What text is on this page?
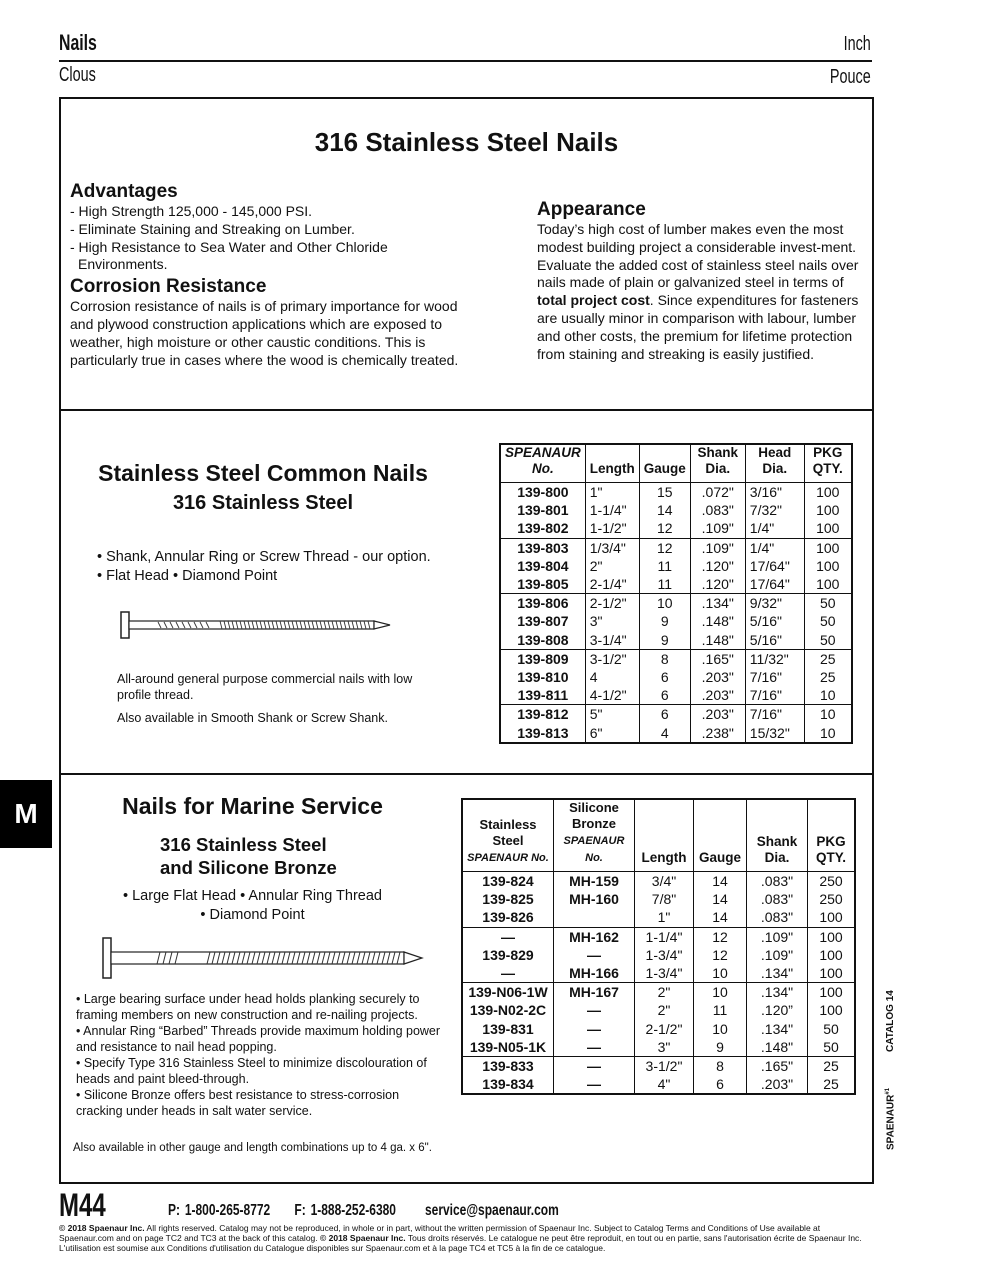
Nails	Inch
Clous	Pouce
316 Stainless Steel Nails
Advantages
- High Strength 125,000 - 145,000 PSI.
- Eliminate Staining and Streaking on Lumber.
- High Resistance to Sea Water and Other Chloride
Environments.
Corrosion Resistance
Corrosion resistance of nails is of primary importance for wood and plywood construction applications which are exposed to weather, high moisture or other caustic conditions. This is particularly true in cases where the wood is chemically treated.
Appearance
Today’s high cost of lumber makes even the most modest building project a considerable invest-ment. Evaluate the added cost of stainless steel nails over nails made of plain or galvanized steel in terms of total project cost. Since expenditures for fasteners are usually minor in comparison with labour, lumber and other costs, the premium for lifetime protection from staining and streaking is easily justified.
Stainless Steel Common Nails
316 Stainless Steel
• Shank, Annular Ring or Screw Thread - our option.
• Flat Head • Diamond Point
All-around general purpose commercial nails with low profile thread.
Also available in Smooth Shank or Screw Shank.
SPEANAUR
No.	Length	Gauge	Shank
Dia.	Head
Dia.	PKG
QTY.
139-800	1"	15	.072"	3/16"	100
139-801	1-1/4"	14	.083"	7/32"	100
139-802	1-1/2"	12	.109"	1/4"	100
139-803	1/3/4"	12	.109"	1/4"	100
139-804	2"	11	.120"	17/64"	100
139-805	2-1/4"	11	.120"	17/64"	100
139-806	2-1/2"	10	.134"	9/32"	50
139-807	3"	9	.148"	5/16"	50
139-808	3-1/4"	9	.148"	5/16"	50
139-809	3-1/2"	8	.165"	11/32"	25
139-810	4	6	.203"	7/16"	25
139-811	4-1/2"	6	.203"	7/16"	10
139-812	5"	6	.203"	7/16"	10
139-813	6"	4	.238"	15/32"	10
Nails for Marine Service
316 Stainless Steel
and Silicone Bronze
• Large Flat Head • Annular Ring Thread
• Diamond Point
• Large bearing surface under head holds planking securely to framing members on new construction and re-nailing projects.
• Annular Ring “Barbed” Threads provide maximum holding power and resistance to nail head popping.
• Specify Type 316 Stainless Steel to minimize discolouration of heads and paint bleed-through.
• Silicone Bronze offers best resistance to stress-corrosion cracking under heads in salt water service.
Also available in other gauge and length combinations up to 4 ga. x 6".
Stainless
Steel
SPAENAUR No.	Silicone
Bronze
SPAENAUR No.	Length	Gauge	Shank
Dia.	PKG
QTY.
139-824	MH-159	3/4"	14	.083"	250
139-825	MH-160	7/8"	14	.083"	250
139-826		1"	14	.083"	100
—	MH-162	1-1/4"	12	.109"	100
139-829	—	1-3/4"	12	.109"	100
—	MH-166	1-3/4"	10	.134"	100
139-N06-1W	MH-167	2"	10	.134"	100
139-N02-2C	—	2"	11	.120”	100
139-831	—	2-1/2"	10	.134"	50
139-N05-1K	—	3"	9	.148"	50
139-833	—	3-1/2"	8	.165"	25
139-834	—	4"	6	.203"	25
M
CATALOG 14
SPAENAUR$^{\#1}$
M44	P: 1-800-265-8772 F: 1-888-252-6380 service@spaenaur.com
© 2018 Spaenaur Inc. All rights reserved. Catalog may not be reproduced, in whole or in part, without the written permission of Spaenaur Inc. Subject to Catalog Terms and Conditions of Use available at Spaenaur.com and on page TC2 and TC3 at the back of this catalog. © 2018 Spaenaur Inc. Tous droits réservés. Le catalogue ne peut être reproduit, en tout ou en partie, sans l'autorisation écrite de Spaenaur Inc. L'utilisation est soumise aux Conditions d'utilisation du Catalogue disponibles sur Spaenaur.com et à la page TC4 et TC5 à la fin de ce catalogue.
